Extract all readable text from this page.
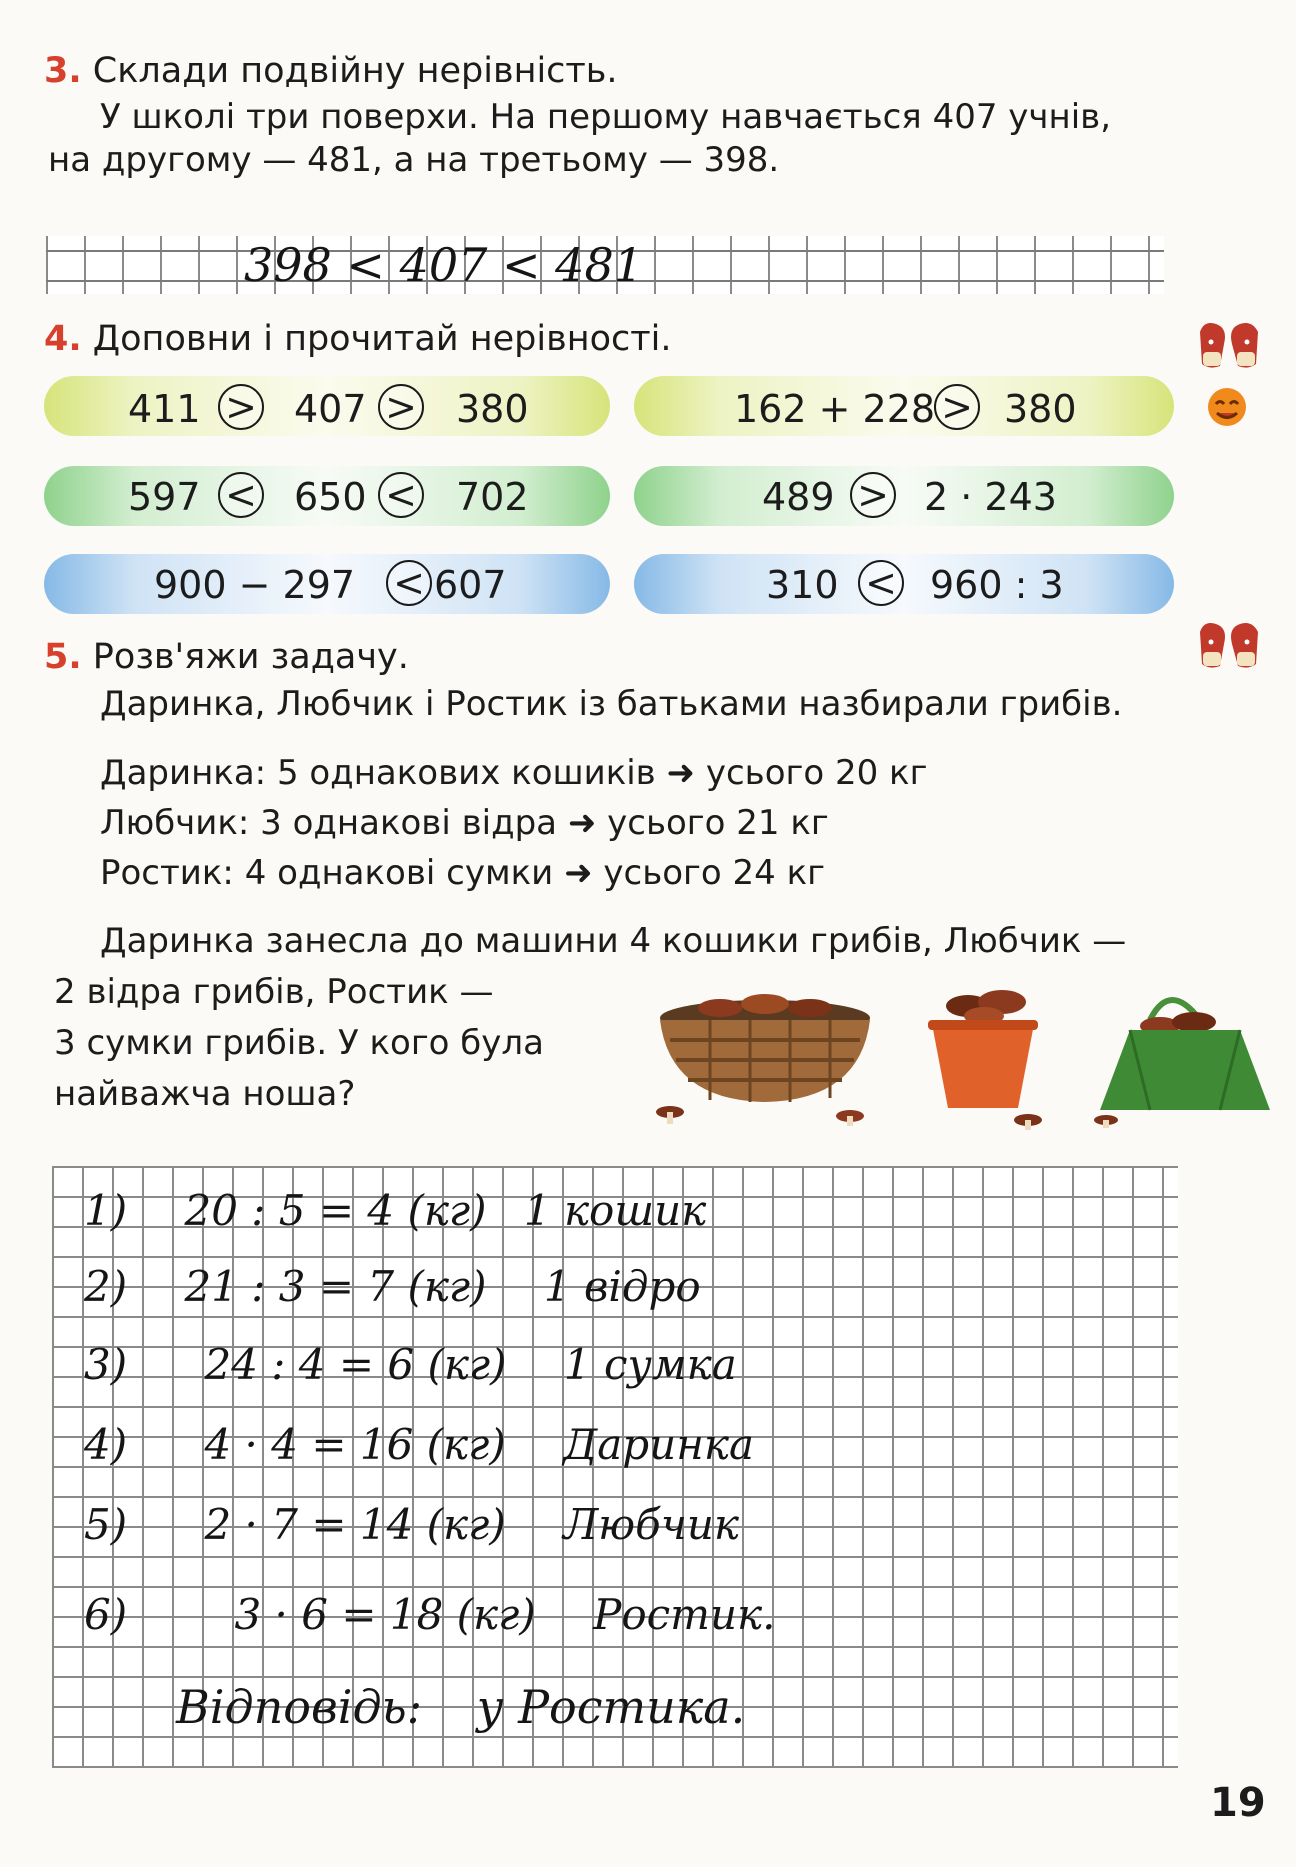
3. Склади подвійну нерівність.
У школі три поверхи. На першому навчається 407 учнів,
на другому — 481, а на третьому — 398.
398 < 407 < 481
4. Доповни і прочитай нерівності.
411 > 407 > 380
597 < 650 < 702
900 − 297 < 607
162 + 228 > 380
489 > 2 · 243
310 < 960 : 3
5. Розв'яжи задачу.
Даринка, Любчик і Ростик із батьками назбирали грибів.
Даринка: 5 однакових кошиків ➜ усього 20 кг
Любчик: 3 однакові відра ➜ усього 21 кг
Ростик: 4 однакові сумки ➜ усього 24 кг
Даринка занесла до машини 4 кошики грибів, Любчик —
2 відра грибів, Ростик —
3 сумки грибів. У кого була
найважча ноша?
1) 20 : 5 = 4 (кг) 1 кошик
2) 21 : 3 = 7 (кг) 1 відро
3) 24 : 4 = 6 (кг) 1 сумка
4) 4 · 4 = 16 (кг) Даринка
5) 2 · 7 = 14 (кг) Любчик
6)	3 · 6 = 18 (кг) Ростик.
Відповідь: у Ростика.
19
